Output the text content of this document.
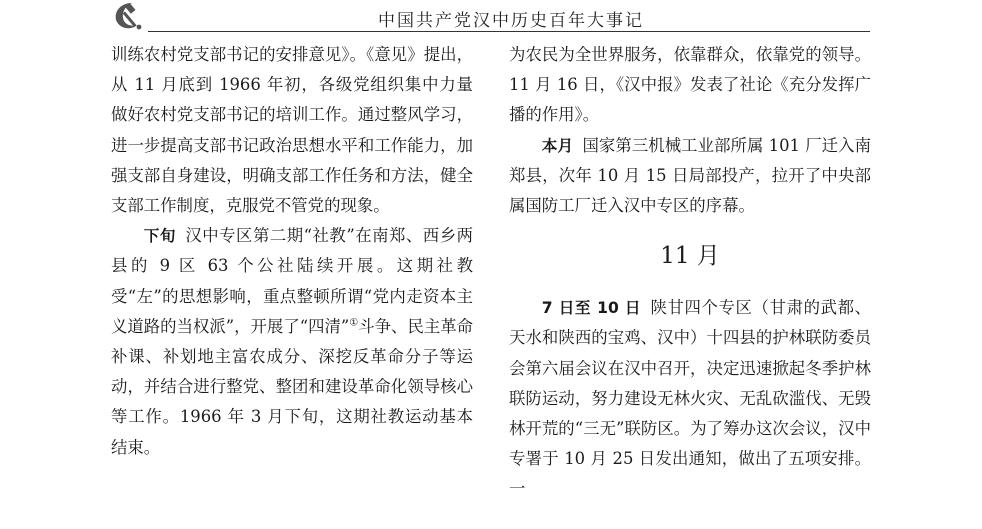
中国共产党汉中历史百年大事记

训练农村党支部书记的安排意见》。《意见》提出，从 11 月底到 1966 年初，各级党组织集中力量做好农村党支部书记的培训工作。通过整风学习，进一步提高支部书记政治思想水平和工作能力，加强支部自身建设，明确支部工作任务和方法，健全支部工作制度，克服党不管党的现象。

下旬 汉中专区第二期“社教”在南郑、西乡两县的 9 区 63 个公社陆续开展。这期社教受“左”的思想影响，重点整顿所谓“党内走资本主义道路的当权派”，开展了“四清”①斗争、民主革命补课、补划地主富农成分、深挖反革命分子等运动，并结合进行整党、整团和建设革命化领导核心等工作。1966 年 3 月下旬，这期社教运动基本结束。

为农民为全世界服务，依靠群众，依靠党的领导。11 月 16 日，《汉中报》发表了社论《充分发挥广播的作用》。

本月 国家第三机械工业部所属 101 厂迁入南郑县，次年 10 月 15 日局部投产，拉开了中央部属国防工厂迁入汉中专区的序幕。

11 月

7 日至 10 日 陕甘四个专区（甘肃的武都、天水和陕西的宝鸡、汉中）十四县的护林联防委员会第六届会议在汉中召开，决定迅速掀起冬季护林联防运动，努力建设无林火灾、无乱砍滥伐、无毁林开荒的“三无”联防区。为了筹办这次会议，汉中专署于 10 月 25 日发出通知，做出了五项安排。一
